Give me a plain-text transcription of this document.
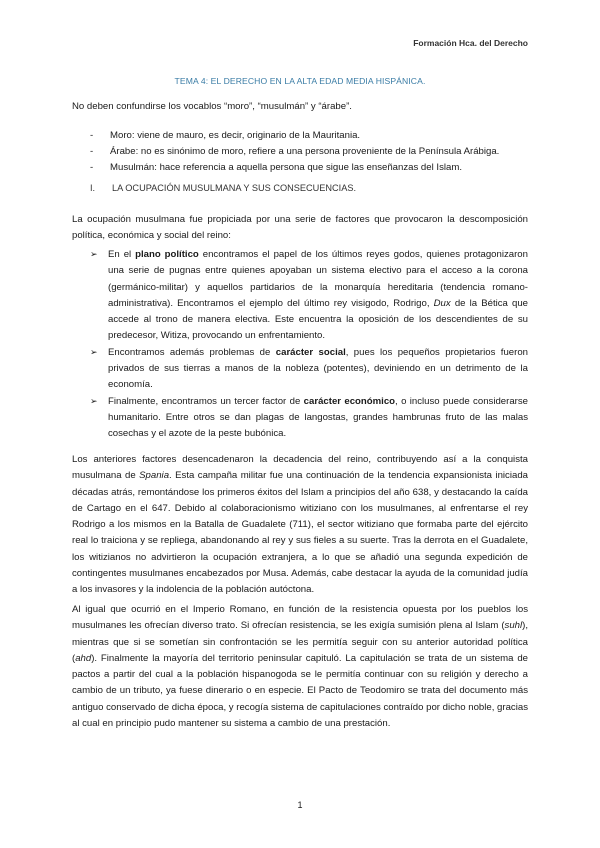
Formación Hca. del Derecho
TEMA 4: EL DERECHO EN LA ALTA EDAD MEDIA HISPÁNICA.
No deben confundirse los vocablos “moro”, “musulmán” y “árabe”.
- Moro: viene de mauro, es decir, originario de la Mauritania.
- Árabe: no es sinónimo de moro, refiere a una persona proveniente de la Península Arábiga.
- Musulmán: hace referencia a aquella persona que sigue las enseñanzas del Islam.
I. LA OCUPACIÓN MUSULMANA Y SUS CONSECUENCIAS.
La ocupación musulmana fue propiciada por una serie de factores que provocaron la descomposición política, económica y social del reino:
➢ En el plano político encontramos el papel de los últimos reyes godos, quienes protagonizaron una serie de pugnas entre quienes apoyaban un sistema electivo para el acceso a la corona (germánico-militar) y aquellos partidarios de la monarquía hereditaria (tendencia romano-administrativa). Encontramos el ejemplo del último rey visigodo, Rodrigo, Dux de la Bética que accede al trono de manera electiva. Este encuentra la oposición de los descendientes de su predecesor, Witiza, provocando un enfrentamiento.
➢ Encontramos además problemas de carácter social, pues los pequeños propietarios fueron privados de sus tierras a manos de la nobleza (potentes), deviniendo en un detrimento de la economía.
➢ Finalmente, encontramos un tercer factor de carácter económico, o incluso puede considerarse humanitario. Entre otros se dan plagas de langostas, grandes hambrunas fruto de las malas cosechas y el azote de la peste bubónica.
Los anteriores factores desencadenaron la decadencia del reino, contribuyendo así a la conquista musulmana de Spania. Esta campaña militar fue una continuación de la tendencia expansionista iniciada décadas atrás, remontándose los primeros éxitos del Islam a principios del año 638, y destacando la caída de Cartago en el 647. Debido al colaboracionismo witiziano con los musulmanes, al enfrentarse el rey Rodrigo a los mismos en la Batalla de Guadalete (711), el sector witiziano que formaba parte del ejército real lo traiciona y se repliega, abandonando al rey y sus fieles a su suerte. Tras la derrota en el Guadalete, los witizianos no advirtieron la ocupación extranjera, a lo que se añadió una segunda expedición de contingentes musulmanes encabezados por Musa. Además, cabe destacar la ayuda de la comunidad judía a los invasores y la indolencia de la población autóctona.
Al igual que ocurrió en el Imperio Romano, en función de la resistencia opuesta por los pueblos los musulmanes les ofrecían diverso trato. Si ofrecían resistencia, se les exigía sumisión plena al Islam (suhl), mientras que si se sometían sin confrontación se les permitía seguir con su anterior autoridad política (ahd). Finalmente la mayoría del territorio peninsular capituló. La capitulación se trata de un sistema de pactos a partir del cual a la población hispanogoda se le permitía continuar con su religión y derecho a cambio de un tributo, ya fuese dinerario o en especie. El Pacto de Teodomiro se trata del documento más antiguo conservado de dicha época, y recogía sistema de capitulaciones contraído por dicho noble, gracias al cual en principio pudo mantener su sistema a cambio de una prestación.
1
